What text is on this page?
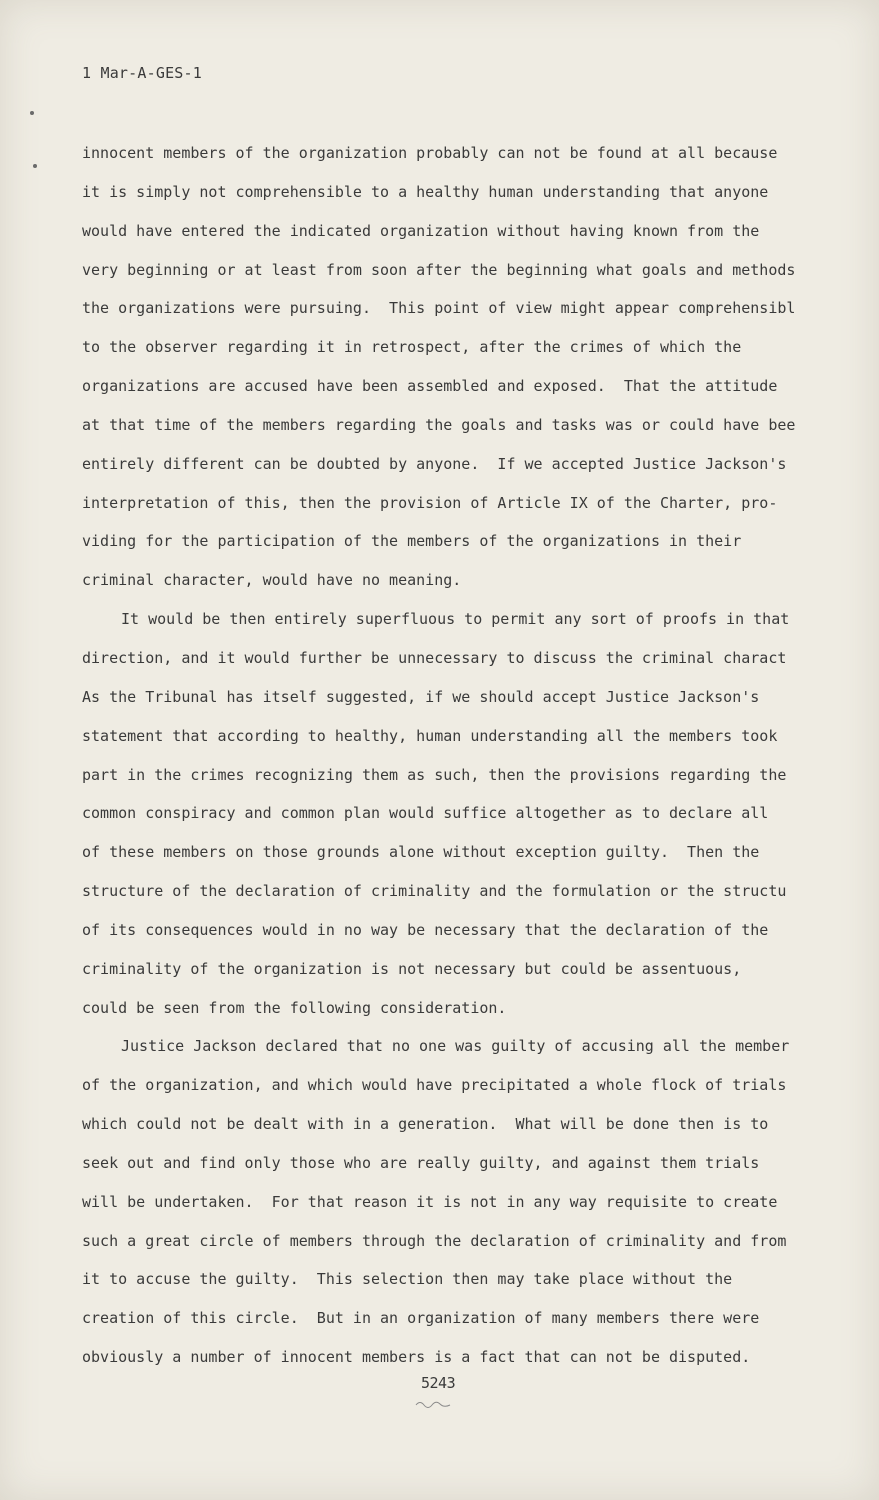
1 Mar-A-GES-1
innocent members of the organization probably can not be found at all because
it is simply not comprehensible to a healthy human understanding that anyone
would have entered the indicated organization without having known from the
very beginning or at least from soon after the beginning what goals and methods
the organizations were pursuing.  This point of view might appear comprehensibl
to the observer regarding it in retrospect, after the crimes of which the
organizations are accused have been assembled and exposed.  That the attitude
at that time of the members regarding the goals and tasks was or could have bee
entirely different can be doubted by anyone.  If we accepted Justice Jackson's
interpretation of this, then the provision of Article IX of the Charter, pro-
viding for the participation of the members of the organizations in their
criminal character, would have no meaning.
It would be then entirely superfluous to permit any sort of proofs in that
direction, and it would further be unnecessary to discuss the criminal charact
As the Tribunal has itself suggested, if we should accept Justice Jackson's
statement that according to healthy, human understanding all the members took
part in the crimes recognizing them as such, then the provisions regarding the
common conspiracy and common plan would suffice altogether as to declare all
of these members on those grounds alone without exception guilty.  Then the
structure of the declaration of criminality and the formulation or the structu
of its consequences would in no way be necessary that the declaration of the
criminality of the organization is not necessary but could be assentuous,
could be seen from the following consideration.
Justice Jackson declared that no one was guilty of accusing all the member
of the organization, and which would have precipitated a whole flock of trials
which could not be dealt with in a generation.  What will be done then is to
seek out and find only those who are really guilty, and against them trials
will be undertaken.  For that reason it is not in any way requisite to create
such a great circle of members through the declaration of criminality and from
it to accuse the guilty.  This selection then may take place without the
creation of this circle.  But in an organization of many members there were
obviously a number of innocent members is a fact that can not be disputed.
5243
